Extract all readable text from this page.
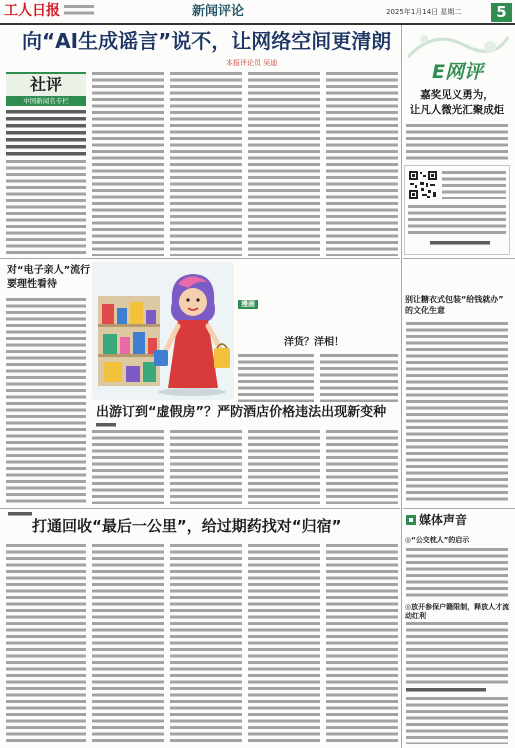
工人日报	新闻评论	2025年1月14日 星期二	5
向“AI生成谣言”说不，让网络空间更清朗
本报评论员 吴迪
社评
中国新闻名专栏
E网评
嘉奖见义勇为，
让凡人微光汇聚成炬
对“电子亲人”流行
要理性看待
漫画
洋货？洋相！
别让糖衣式包装“给钱就办”
的文化生意
出游订到“虚假房”？严防酒店价格违法出现新变种
打通回收“最后一公里”，给过期药找对“归宿”	媒体声音
◎“公交枕人”的启示
◎放开参保户籍限制，释放人才流动红利
